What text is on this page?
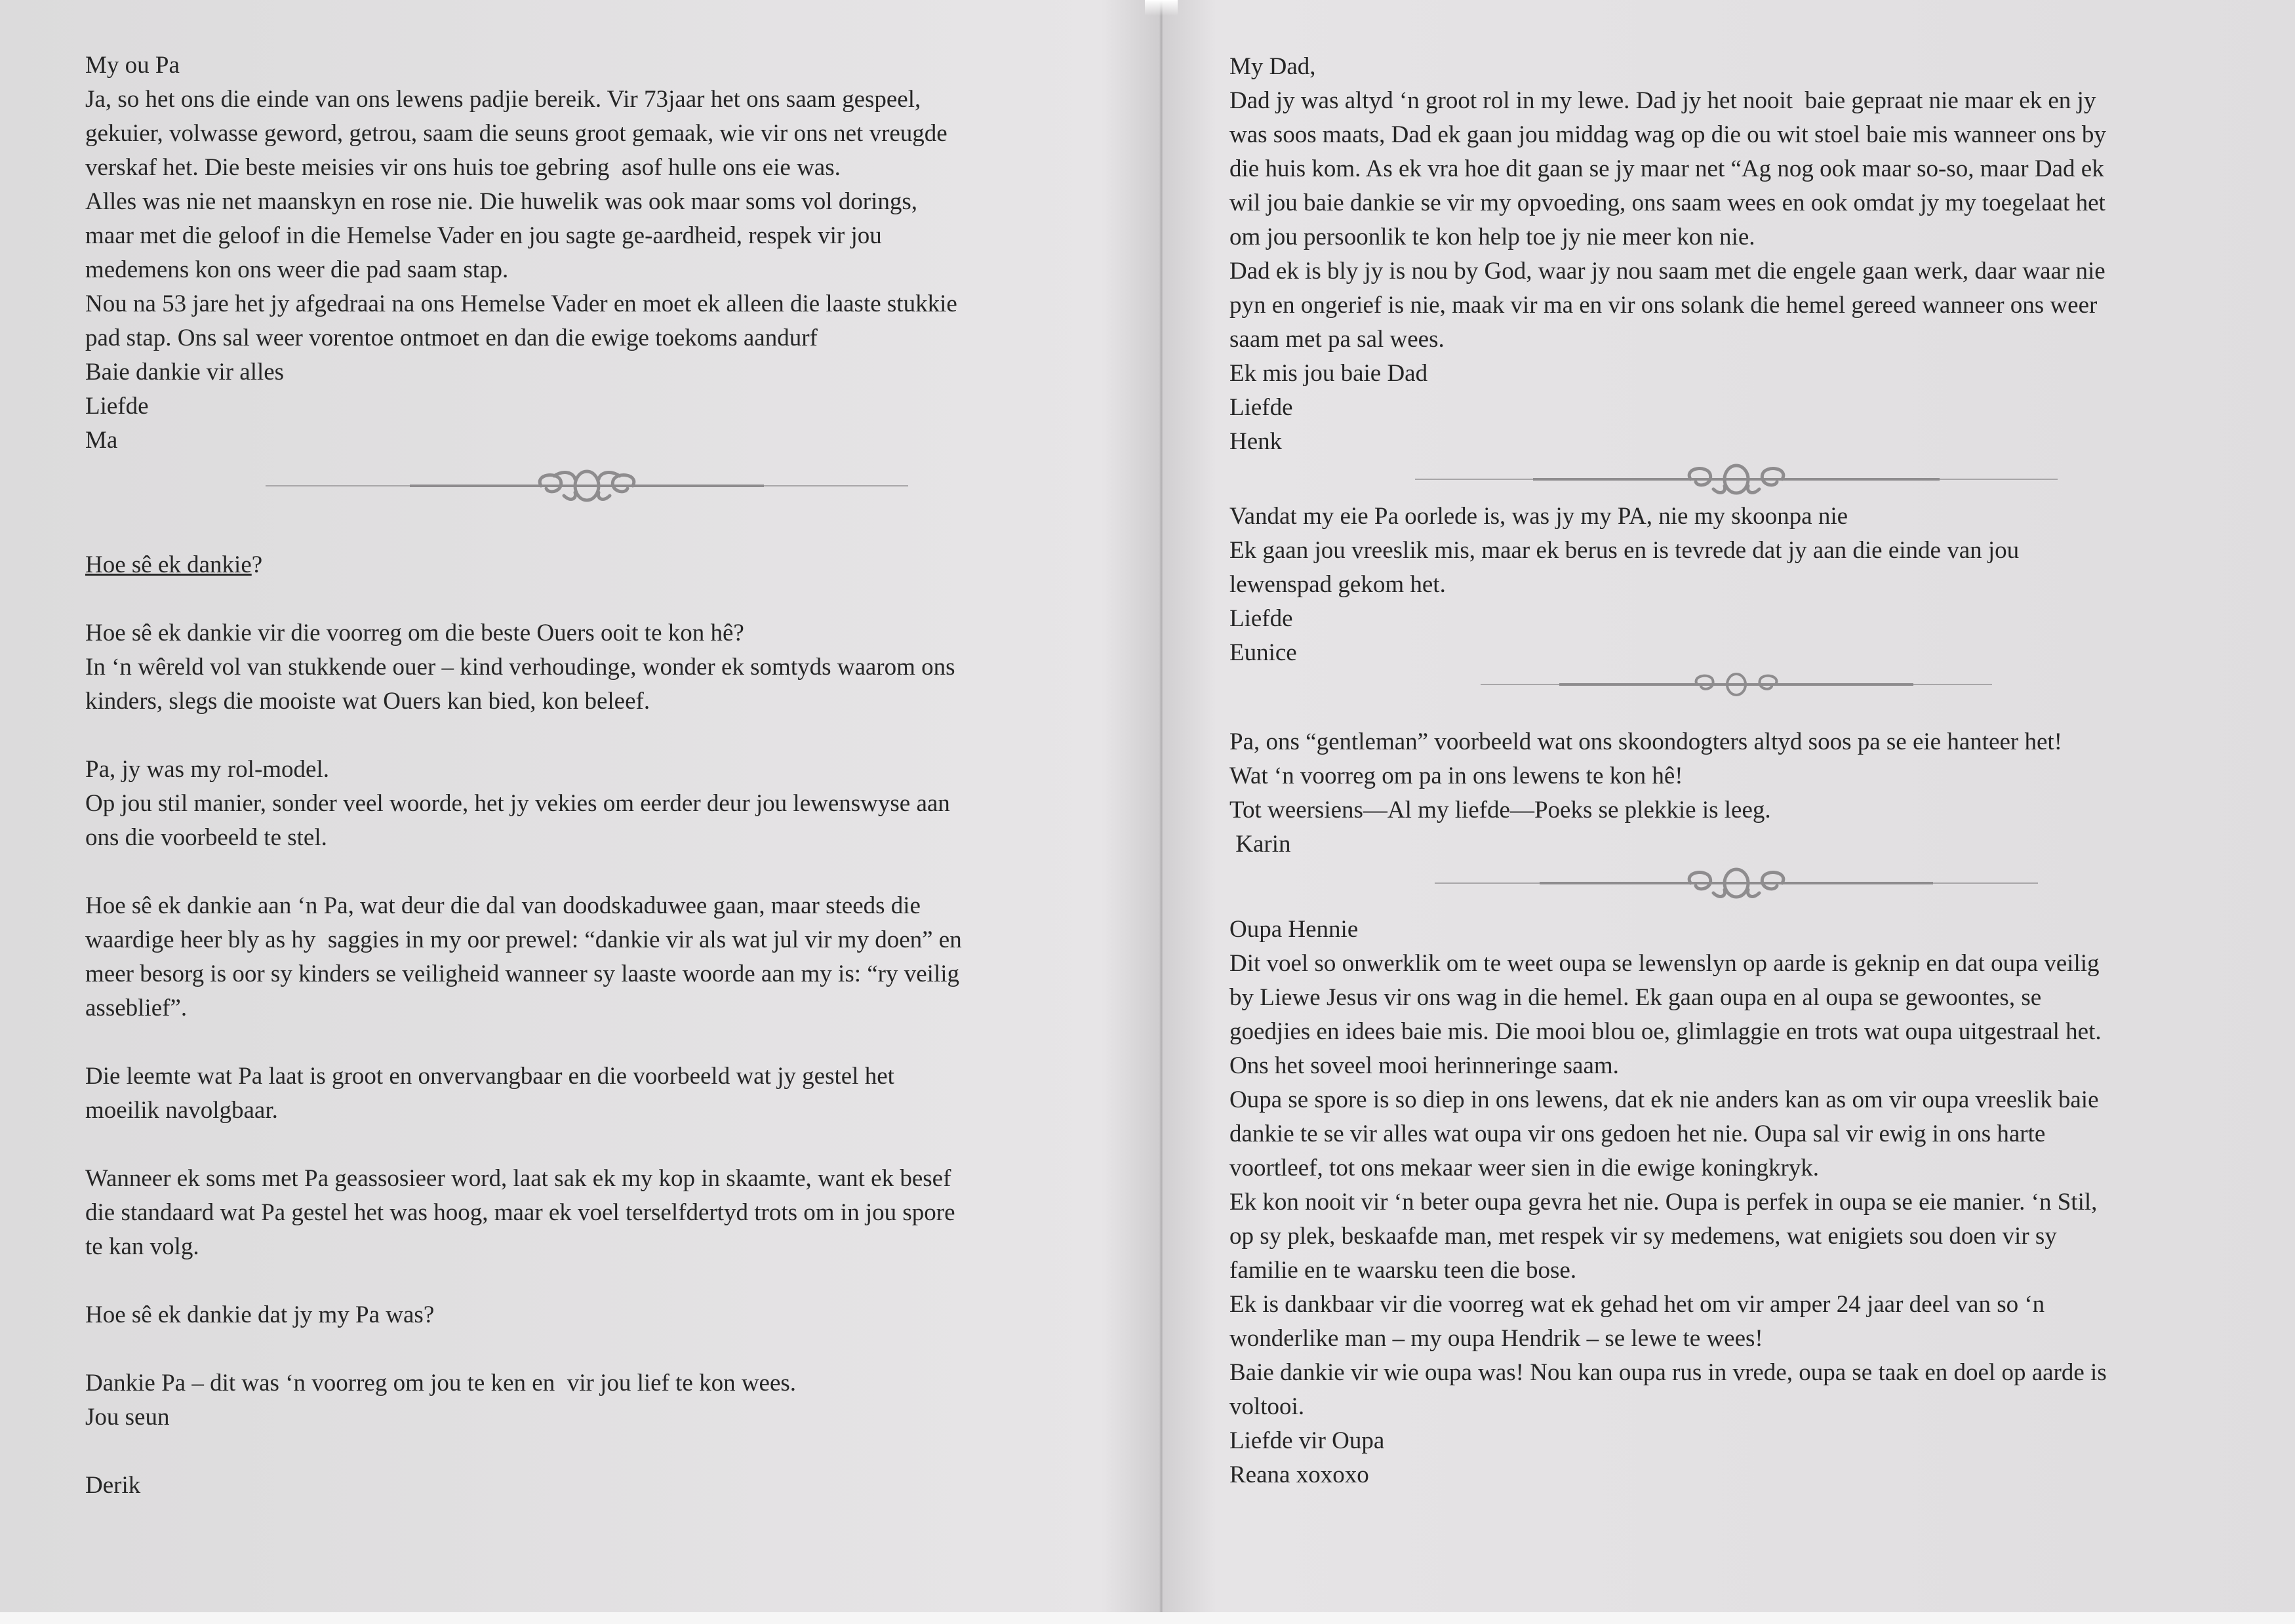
My ou Pa

Ja, so het ons die einde van ons lewens padjie bereik. Vir 73jaar het ons saam gespeel,

gekuier, volwasse geword, getrou, saam die seuns groot gemaak, wie vir ons net vreugde

verskaf het. Die beste meisies vir ons huis toe gebring  asof hulle ons eie was.

Alles was nie net maanskyn en rose nie. Die huwelik was ook maar soms vol dorings,

maar met die geloof in die Hemelse Vader en jou sagte ge-aardheid, respek vir jou

medemens kon ons weer die pad saam stap.

Nou na 53 jare het jy afgedraai na ons Hemelse Vader en moet ek alleen die laaste stukkie

pad stap. Ons sal weer vorentoe ontmoet en dan die ewige toekoms aandurf

Baie dankie vir alles

Liefde

Ma

Hoe sê ek dankie?

Hoe sê ek dankie vir die voorreg om die beste Ouers ooit te kon hê?

In ‘n wêreld vol van stukkende ouer – kind verhoudinge, wonder ek somtyds waarom ons

kinders, slegs die mooiste wat Ouers kan bied, kon beleef.

Pa, jy was my rol-model.

Op jou stil manier, sonder veel woorde, het jy vekies om eerder deur jou lewenswyse aan

ons die voorbeeld te stel.

Hoe sê ek dankie aan ‘n Pa, wat deur die dal van doodskaduwee gaan, maar steeds die

waardige heer bly as hy  saggies in my oor prewel: “dankie vir als wat jul vir my doen” en

meer besorg is oor sy kinders se veiligheid wanneer sy laaste woorde aan my is: “ry veilig

asseblief”.

Die leemte wat Pa laat is groot en onvervangbaar en die voorbeeld wat jy gestel het

moeilik navolgbaar.

Wanneer ek soms met Pa geassosieer word, laat sak ek my kop in skaamte, want ek besef

die standaard wat Pa gestel het was hoog, maar ek voel terselfdertyd trots om in jou spore

te kan volg.

Hoe sê ek dankie dat jy my Pa was?

Dankie Pa – dit was ‘n voorreg om jou te ken en  vir jou lief te kon wees.

Jou seun

Derik

My Dad,

Dad jy was altyd ‘n groot rol in my lewe. Dad jy het nooit  baie gepraat nie maar ek en jy

was soos maats, Dad ek gaan jou middag wag op die ou wit stoel baie mis wanneer ons by

die huis kom. As ek vra hoe dit gaan se jy maar net “Ag nog ook maar so-so, maar Dad ek

wil jou baie dankie se vir my opvoeding, ons saam wees en ook omdat jy my toegelaat het

om jou persoonlik te kon help toe jy nie meer kon nie.

Dad ek is bly jy is nou by God, waar jy nou saam met die engele gaan werk, daar waar nie

pyn en ongerief is nie, maak vir ma en vir ons solank die hemel gereed wanneer ons weer

saam met pa sal wees.

Ek mis jou baie Dad

Liefde

Henk

Vandat my eie Pa oorlede is, was jy my PA, nie my skoonpa nie

Ek gaan jou vreeslik mis, maar ek berus en is tevrede dat jy aan die einde van jou

lewenspad gekom het.

Liefde

Eunice

Pa, ons “gentleman” voorbeeld wat ons skoondogters altyd soos pa se eie hanteer het!

Wat ‘n voorreg om pa in ons lewens te kon hê!

Tot weersiens—Al my liefde—Poeks se plekkie is leeg.

Karin

Oupa Hennie

Dit voel so onwerklik om te weet oupa se lewenslyn op aarde is geknip en dat oupa veilig

by Liewe Jesus vir ons wag in die hemel. Ek gaan oupa en al oupa se gewoontes, se

goedjies en idees baie mis. Die mooi blou oe, glimlaggie en trots wat oupa uitgestraal het.

Ons het soveel mooi herinneringe saam.

Oupa se spore is so diep in ons lewens, dat ek nie anders kan as om vir oupa vreeslik baie

dankie te se vir alles wat oupa vir ons gedoen het nie. Oupa sal vir ewig in ons harte

voortleef, tot ons mekaar weer sien in die ewige koningkryk.

Ek kon nooit vir ‘n beter oupa gevra het nie. Oupa is perfek in oupa se eie manier. ‘n Stil,

op sy plek, beskaafde man, met respek vir sy medemens, wat enigiets sou doen vir sy

familie en te waarsku teen die bose.

Ek is dankbaar vir die voorreg wat ek gehad het om vir amper 24 jaar deel van so ‘n

wonderlike man – my oupa Hendrik – se lewe te wees!

Baie dankie vir wie oupa was! Nou kan oupa rus in vrede, oupa se taak en doel op aarde is

voltooi.

Liefde vir Oupa

Reana xoxoxo
